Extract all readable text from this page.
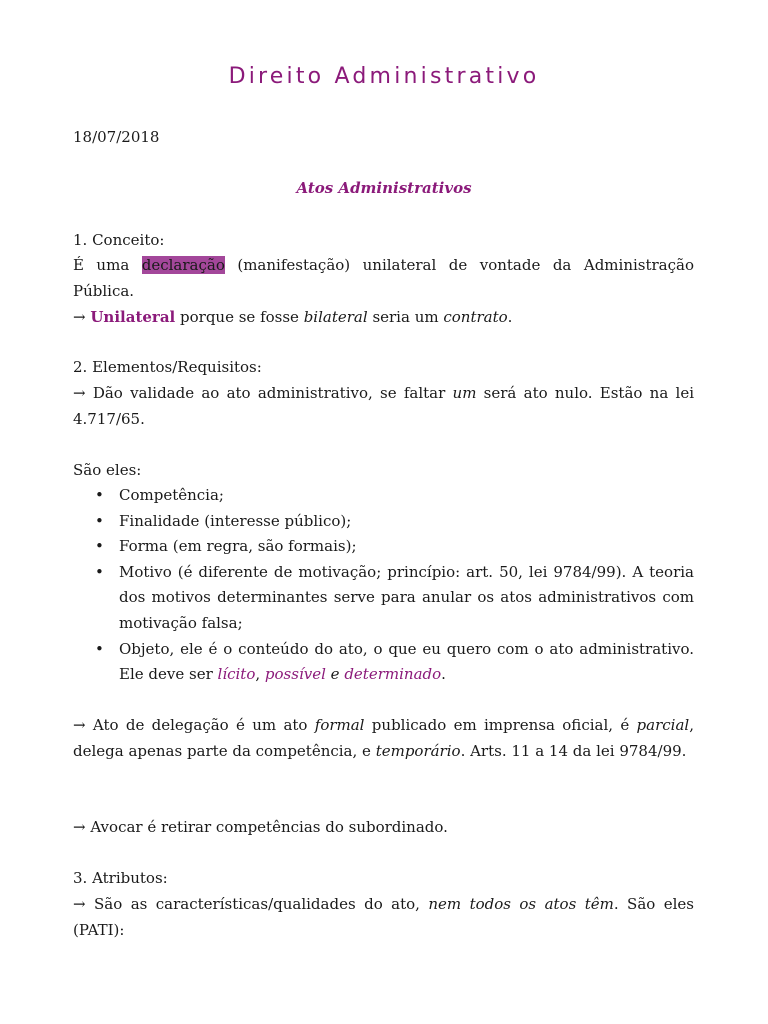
Direito Administrativo
18/07/2018
Atos Administrativos
1. Conceito:
É uma declaração (manifestação) unilateral de vontade da Administração Pública.
→ Unilateral porque se fosse bilateral seria um contrato.
2. Elementos/Requisitos:
→ Dão validade ao ato administrativo, se faltar um será ato nulo. Estão na lei 4.717/65.
São eles:
• Competência;
• Finalidade (interesse público);
• Forma (em regra, são formais);
• Motivo (é diferente de motivação; princípio: art. 50, lei 9784/99). A teoria dos motivos determinantes serve para anular os atos administrativos com motivação falsa;
• Objeto, ele é o conteúdo do ato, o que eu quero com o ato administrativo. Ele deve ser lícito, possível e determinado.
→ Ato de delegação é um ato formal publicado em imprensa oficial, é parcial, delega apenas parte da competência, e temporário. Arts. 11 a 14 da lei 9784/99.
→ Avocar é retirar competências do subordinado.
3. Atributos:
→ São as características/qualidades do ato, nem todos os atos têm. São eles (PATI):
